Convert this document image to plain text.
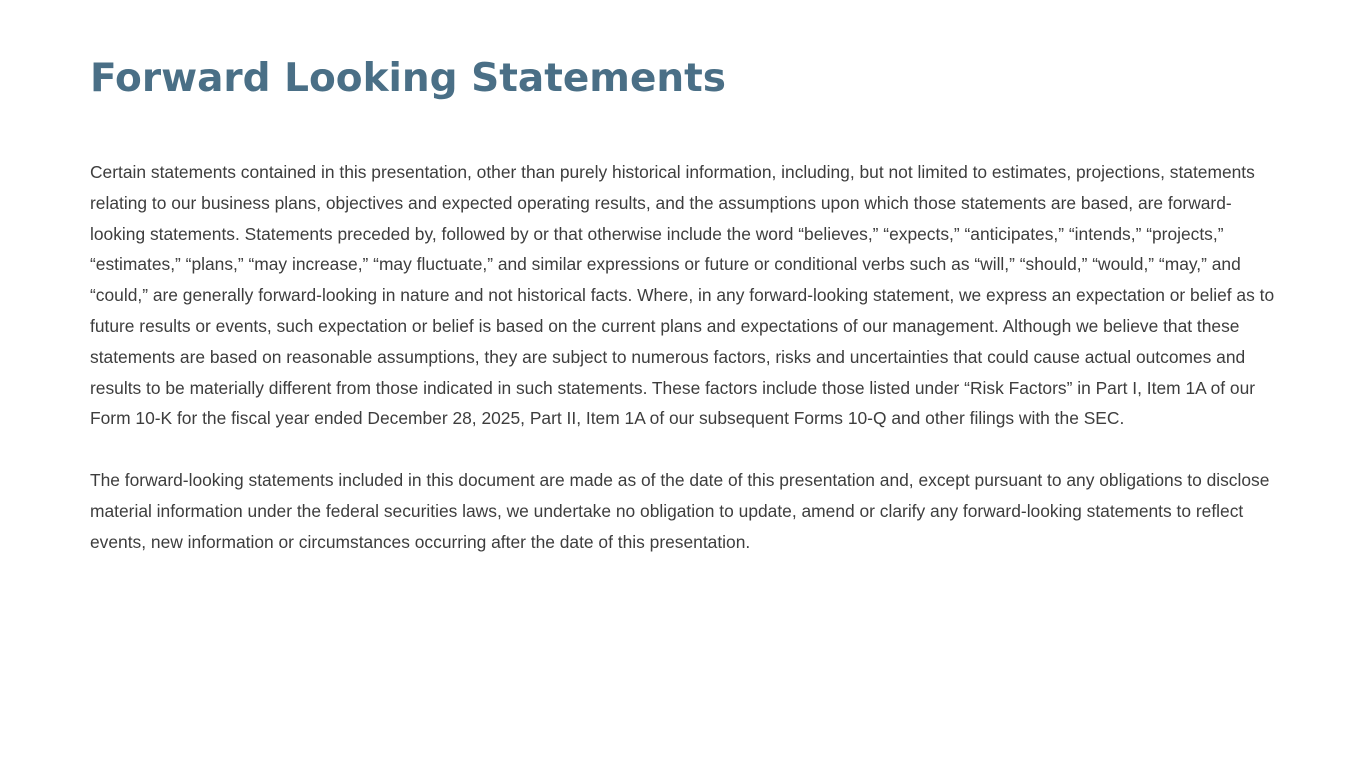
Forward Looking Statements

Certain statements contained in this presentation, other than purely historical information, including, but not limited to estimates, projections, statements relating to our business plans, objectives and expected operating results, and the assumptions upon which those statements are based, are forward-looking statements. Statements preceded by, followed by or that otherwise include the word “believes,” “expects,” “anticipates,” “intends,” “projects,” “estimates,” “plans,” “may increase,” “may fluctuate,” and similar expressions or future or conditional verbs such as “will,” “should,” “would,” “may,” and “could,” are generally forward-looking in nature and not historical facts. Where, in any forward-looking statement, we express an expectation or belief as to future results or events, such expectation or belief is based on the current plans and expectations of our management. Although we believe that these statements are based on reasonable assumptions, they are subject to numerous factors, risks and uncertainties that could cause actual outcomes and results to be materially different from those indicated in such statements. These factors include those listed under “Risk Factors” in Part I, Item 1A of our Form 10-K for the fiscal year ended December 28, 2025, Part II, Item 1A of our subsequent Forms 10-Q and other filings with the SEC.

The forward-looking statements included in this document are made as of the date of this presentation and, except pursuant to any obligations to disclose material information under the federal securities laws, we undertake no obligation to update, amend or clarify any forward-looking statements to reflect events, new information or circumstances occurring after the date of this presentation.
